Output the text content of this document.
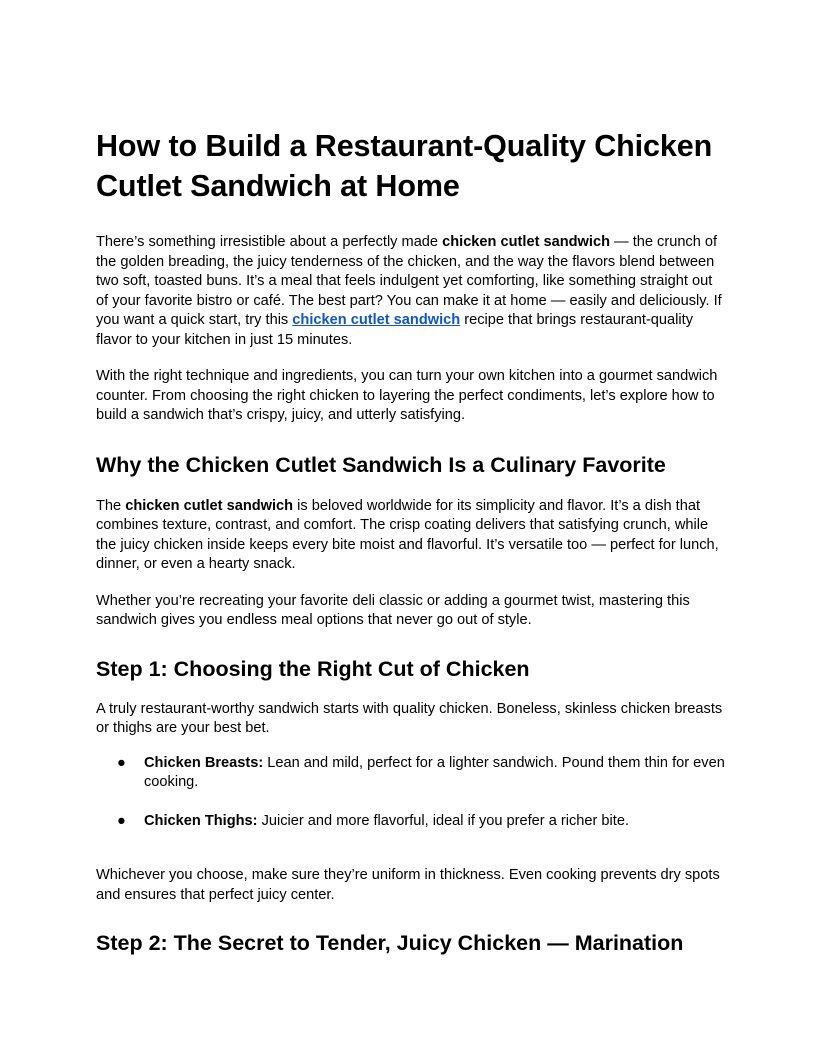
How to Build a Restaurant-Quality Chicken Cutlet Sandwich at Home

There’s something irresistible about a perfectly made chicken cutlet sandwich — the crunch of the golden breading, the juicy tenderness of the chicken, and the way the flavors blend between two soft, toasted buns. It’s a meal that feels indulgent yet comforting, like something straight out of your favorite bistro or café. The best part? You can make it at home — easily and deliciously. If you want a quick start, try this chicken cutlet sandwich recipe that brings restaurant-quality flavor to your kitchen in just 15 minutes.

With the right technique and ingredients, you can turn your own kitchen into a gourmet sandwich counter. From choosing the right chicken to layering the perfect condiments, let’s explore how to build a sandwich that’s crispy, juicy, and utterly satisfying.

Why the Chicken Cutlet Sandwich Is a Culinary Favorite

The chicken cutlet sandwich is beloved worldwide for its simplicity and flavor. It’s a dish that combines texture, contrast, and comfort. The crisp coating delivers that satisfying crunch, while the juicy chicken inside keeps every bite moist and flavorful. It’s versatile too — perfect for lunch, dinner, or even a hearty snack.

Whether you’re recreating your favorite deli classic or adding a gourmet twist, mastering this sandwich gives you endless meal options that never go out of style.

Step 1: Choosing the Right Cut of Chicken

A truly restaurant-worthy sandwich starts with quality chicken. Boneless, skinless chicken breasts or thighs are your best bet.

● Chicken Breasts: Lean and mild, perfect for a lighter sandwich. Pound them thin for even cooking.
● Chicken Thighs: Juicier and more flavorful, ideal if you prefer a richer bite.

Whichever you choose, make sure they’re uniform in thickness. Even cooking prevents dry spots and ensures that perfect juicy center.

Step 2: The Secret to Tender, Juicy Chicken — Marination
